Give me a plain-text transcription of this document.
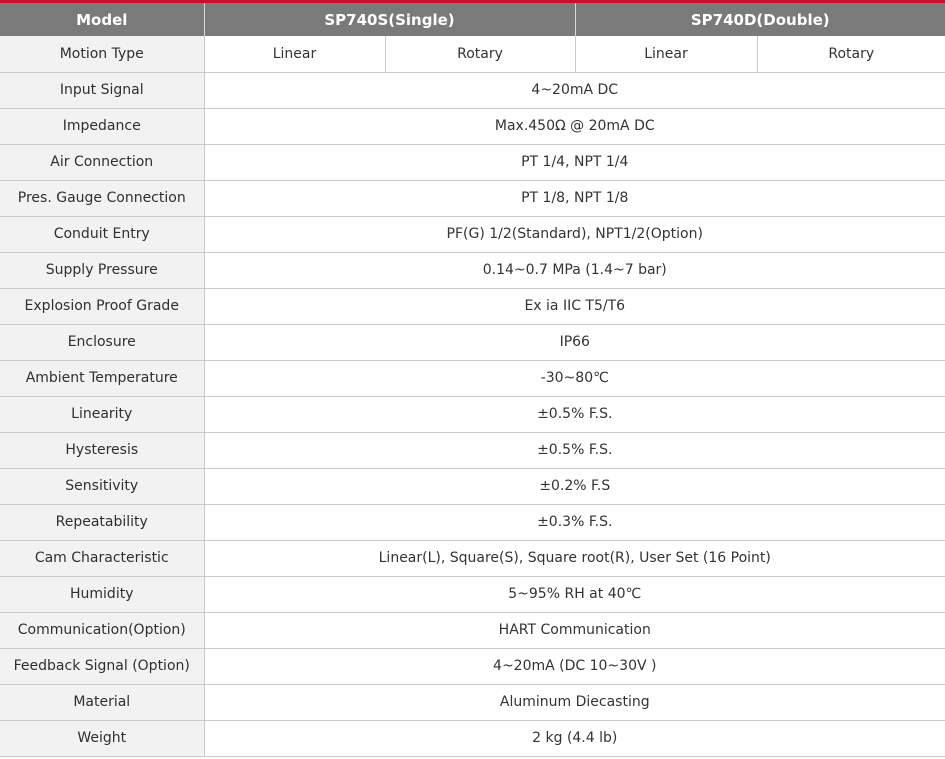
Model	SP740S(Single)		SP740D(Double)	
Motion Type	Linear	Rotary	Linear	Rotary
Input Signal	4~20mA DC			
Impedance	Max.450Ω @ 20mA DC			
Air Connection	PT 1/4, NPT 1/4			
Pres. Gauge Connection	PT 1/8, NPT 1/8			
Conduit Entry	PF(G) 1/2(Standard), NPT1/2(Option)			
Supply Pressure	0.14~0.7 MPa (1.4~7 bar)			
Explosion Proof Grade	Ex ia IIC T5/T6			
Enclosure	IP66			
Ambient Temperature	-30~80℃			
Linearity	±0.5% F.S.			
Hysteresis	±0.5% F.S.			
Sensitivity	±0.2% F.S			
Repeatability	±0.3% F.S.			
Cam Characteristic	Linear(L), Square(S), Square root(R), User Set (16 Point)			
Humidity	5~95% RH at 40℃			
Communication(Option)	HART Communication			
Feedback Signal (Option)	4~20mA (DC 10~30V )			
Material	Aluminum Diecasting			
Weight	2 kg (4.4 lb)			
